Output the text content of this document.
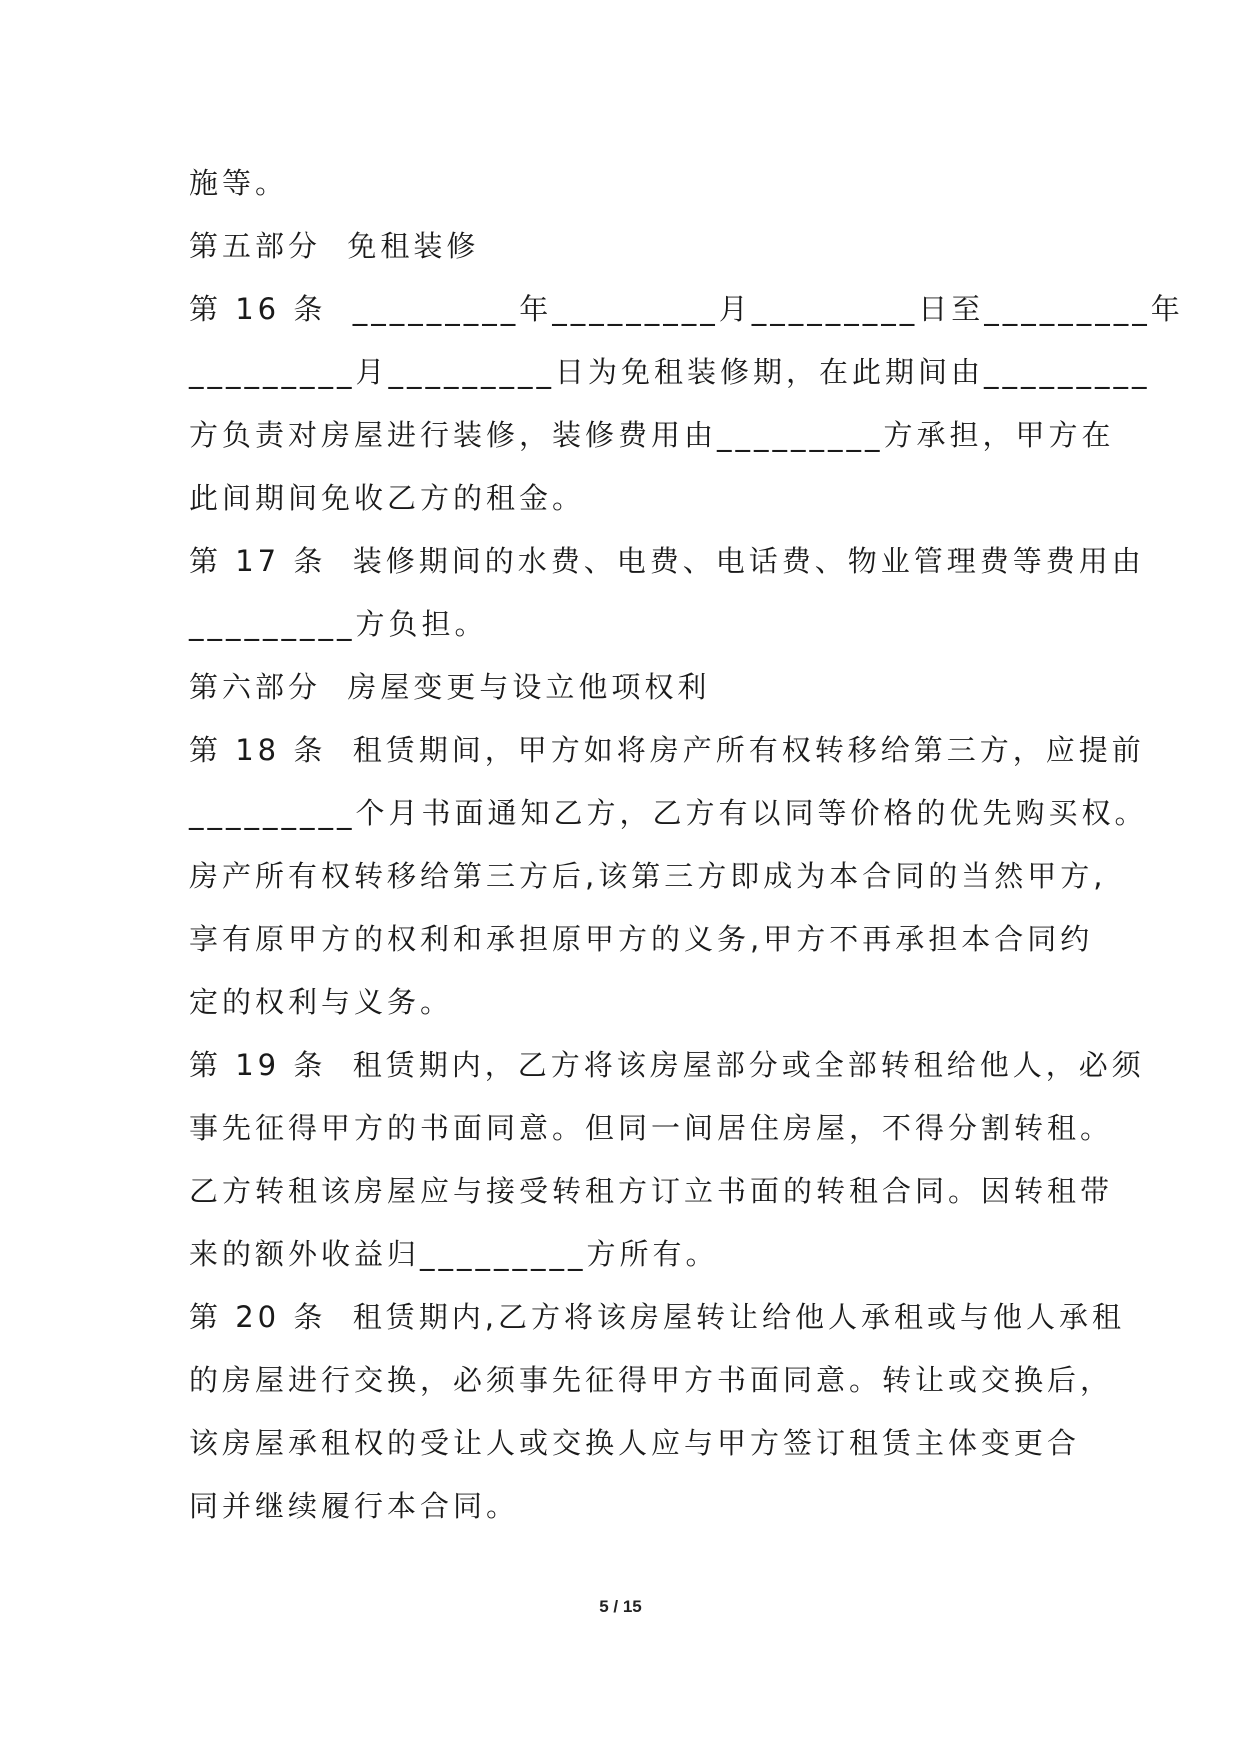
施等。
第五部分  免租装修
第 16 条  _________年_________月_________日至_________年
_________月_________日为免租装修期，在此期间由_________
方负责对房屋进行装修，装修费用由_________方承担，甲方在
此间期间免收乙方的租金。
第 17 条  装修期间的水费、电费、电话费、物业管理费等费用由
_________方负担。
第六部分  房屋变更与设立他项权利
第 18 条  租赁期间，甲方如将房产所有权转移给第三方，应提前
_________个月书面通知乙方，乙方有以同等价格的优先购买权。
房产所有权转移给第三方后,该第三方即成为本合同的当然甲方,
享有原甲方的权利和承担原甲方的义务,甲方不再承担本合同约
定的权利与义务。
第 19 条  租赁期内，乙方将该房屋部分或全部转租给他人，必须
事先征得甲方的书面同意。但同一间居住房屋，不得分割转租。
乙方转租该房屋应与接受转租方订立书面的转租合同。因转租带
来的额外收益归_________方所有。
第 20 条  租赁期内,乙方将该房屋转让给他人承租或与他人承租
的房屋进行交换，必须事先征得甲方书面同意。转让或交换后，
该房屋承租权的受让人或交换人应与甲方签订租赁主体变更合
同并继续履行本合同。
5 / 15
